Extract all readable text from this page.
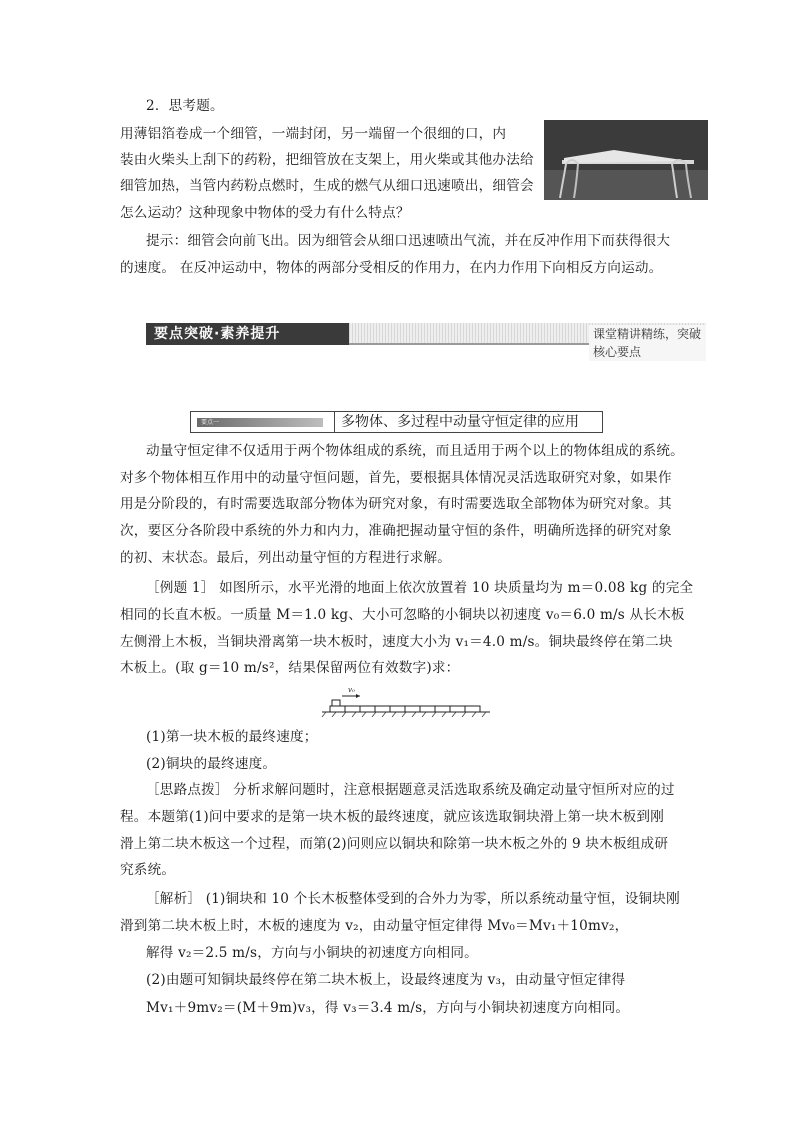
2．思考题。
用薄铝箔卷成一个细管，一端封闭，另一端留一个很细的口，内
装由火柴头上刮下的药粉，把细管放在支架上，用火柴或其他办法给
细管加热，当管内药粉点燃时，生成的燃气从细口迅速喷出，细管会
怎么运动？这种现象中物体的受力有什么特点？
提示：细管会向前飞出。因为细管会从细口迅速喷出气流，并在反冲作用下而获得很大
的速度。 在反冲运动中，物体的两部分受相反的作用力，在内力作用下向相反方向运动。
要点突破·素养提升	课堂精讲精练，突破核心要点
要点一	多物体、多过程中动量守恒定律的应用
动量守恒定律不仅适用于两个物体组成的系统，而且适用于两个以上的物体组成的系统。
对多个物体相互作用中的动量守恒问题，首先，要根据具体情况灵活选取研究对象，如果作
用是分阶段的，有时需要选取部分物体为研究对象，有时需要选取全部物体为研究对象。其
次，要区分各阶段中系统的外力和内力，准确把握动量守恒的条件，明确所选择的研究对象
的初、末状态。最后，列出动量守恒的方程进行求解。
［例题 1］ 如图所示，水平光滑的地面上依次放置着 10 块质量均为 m＝0.08 kg 的完全
相同的长直木板。一质量 M＝1.0 kg、大小可忽略的小铜块以初速度 v₀＝6.0 m/s 从长木板
左侧滑上木板，当铜块滑离第一块木板时，速度大小为 v₁＝4.0 m/s。铜块最终停在第二块
木板上。(取 g＝10 m/s²，结果保留两位有效数字)求：
v₀
(1)第一块木板的最终速度；
(2)铜块的最终速度。
［思路点拨］ 分析求解问题时，注意根据题意灵活选取系统及确定动量守恒所对应的过
程。本题第(1)问中要求的是第一块木板的最终速度，就应该选取铜块滑上第一块木板到刚
滑上第二块木板这一个过程，而第(2)问则应以铜块和除第一块木板之外的 9 块木板组成研
究系统。
［解析］ (1)铜块和 10 个长木板整体受到的合外力为零，所以系统动量守恒，设铜块刚
滑到第二块木板上时，木板的速度为 v₂，由动量守恒定律得 Mv₀＝Mv₁＋10mv₂，
解得 v₂＝2.5 m/s，方向与小铜块的初速度方向相同。
(2)由题可知铜块最终停在第二块木板上，设最终速度为 v₃，由动量守恒定律得
Mv₁＋9mv₂＝(M＋9m)v₃，得 v₃＝3.4 m/s，方向与小铜块初速度方向相同。
